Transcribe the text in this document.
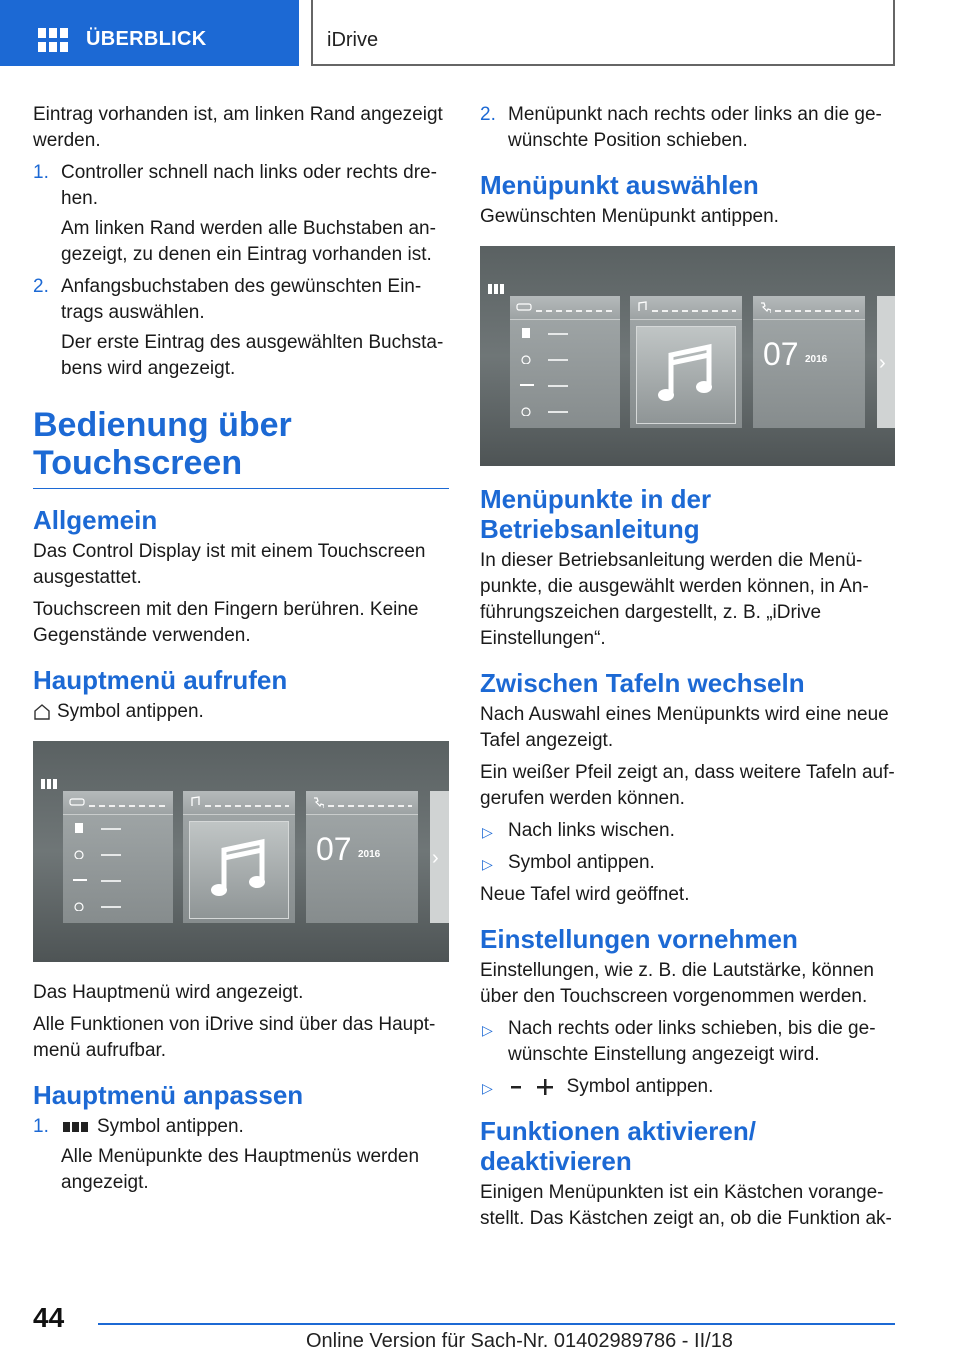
ÜBERBLICK	iDrive

Eintrag vorhanden ist, am linken Rand angezeigt werden.

1. Controller schnell nach links oder rechts dre‐hen.
Am linken Rand werden alle Buchstaben an‐gezeigt, zu denen ein Eintrag vorhanden ist.
2. Anfangsbuchstaben des gewünschten Ein‐trags auswählen.
Der erste Eintrag des ausgewählten Buchsta‐bens wird angezeigt.
Bedienung über Touchscreen
Allgemein

Das Control Display ist mit einem Touchscreen ausgestattet.

Touchscreen mit den Fingern berühren. Keine Gegenstände verwenden.

Hauptmenü aufrufen

Symbol antippen.

07 2016	›

Das Hauptmenü wird angezeigt.

Alle Funktionen von iDrive sind über das Haupt‐menü aufrufbar.

Hauptmenü anpassen
1.	Symbol antippen.
Alle Menüpunkte des Hauptmenüs werden angezeigt.
2. Menüpunkt nach rechts oder links an die ge‐wünschte Position schieben.
Menüpunkt auswählen

Gewünschten Menüpunkt antippen.

07 2016	›
Menüpunkte in der Betriebsanleitung

In dieser Betriebsanleitung werden die Menü‐punkte, die ausgewählt werden können, in An‐führungszeichen dargestellt, z. B. „iDrive Einstellungen“.

Zwischen Tafeln wechseln

Nach Auswahl eines Menüpunkts wird eine neue Tafel angezeigt.

Ein weißer Pfeil zeigt an, dass weitere Tafeln auf‐gerufen werden können.

▷ Nach links wischen.
▷ Symbol antippen.

Neue Tafel wird geöffnet.

Einstellungen vornehmen

Einstellungen, wie z. B. die Lautstärke, können über den Touchscreen vorgenommen werden.

▷ Nach rechts oder links schieben, bis die ge‐wünschte Einstellung angezeigt wird.
▷	Symbol antippen.
Funktionen aktivieren/ deaktivieren

Einigen Menüpunkten ist ein Kästchen vorange‐stellt. Das Kästchen zeigt an, ob die Funktion ak‐

44
Online Version für Sach-Nr. 01402989786 - II/18
